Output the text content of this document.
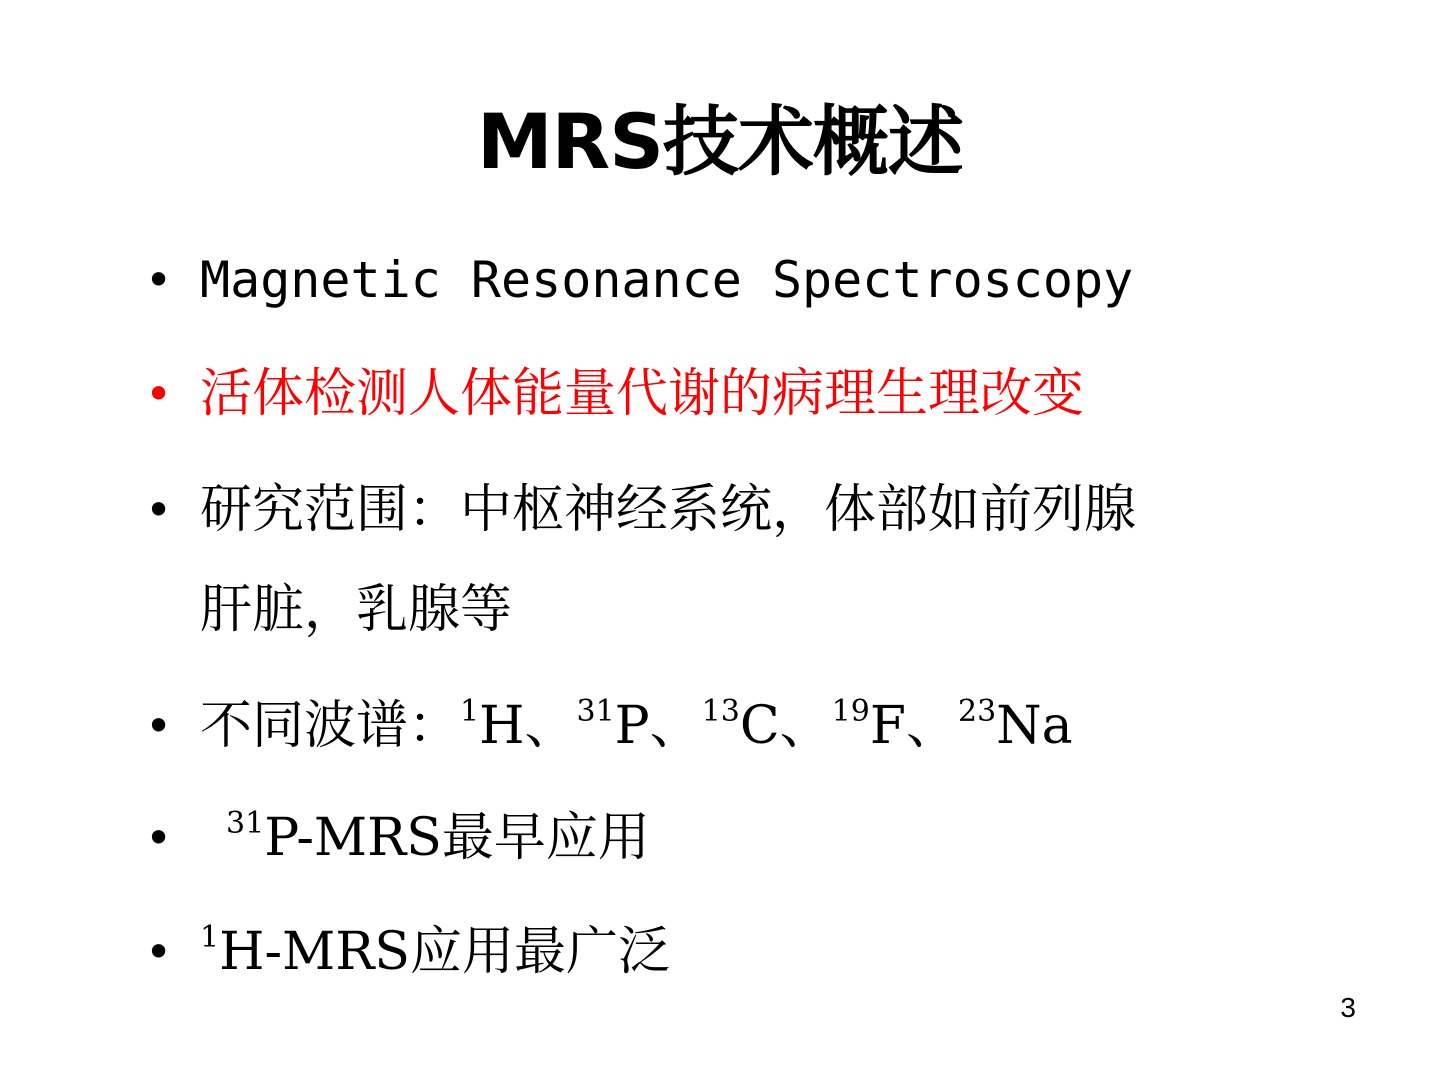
MRS技术概述
• Magnetic Resonance Spectroscopy
• 活体检测人体能量代谢的病理生理改变
• 研究范围：中枢神经系统，体部如前列腺
肝脏，乳腺等
• 不同波谱：$^1$H、$^{31}$P、$^{13}$C、$^{19}$F、$^{23}$Na
•	$^{31}$P-MRS最早应用
• $^1$H-MRS应用最广泛
3
